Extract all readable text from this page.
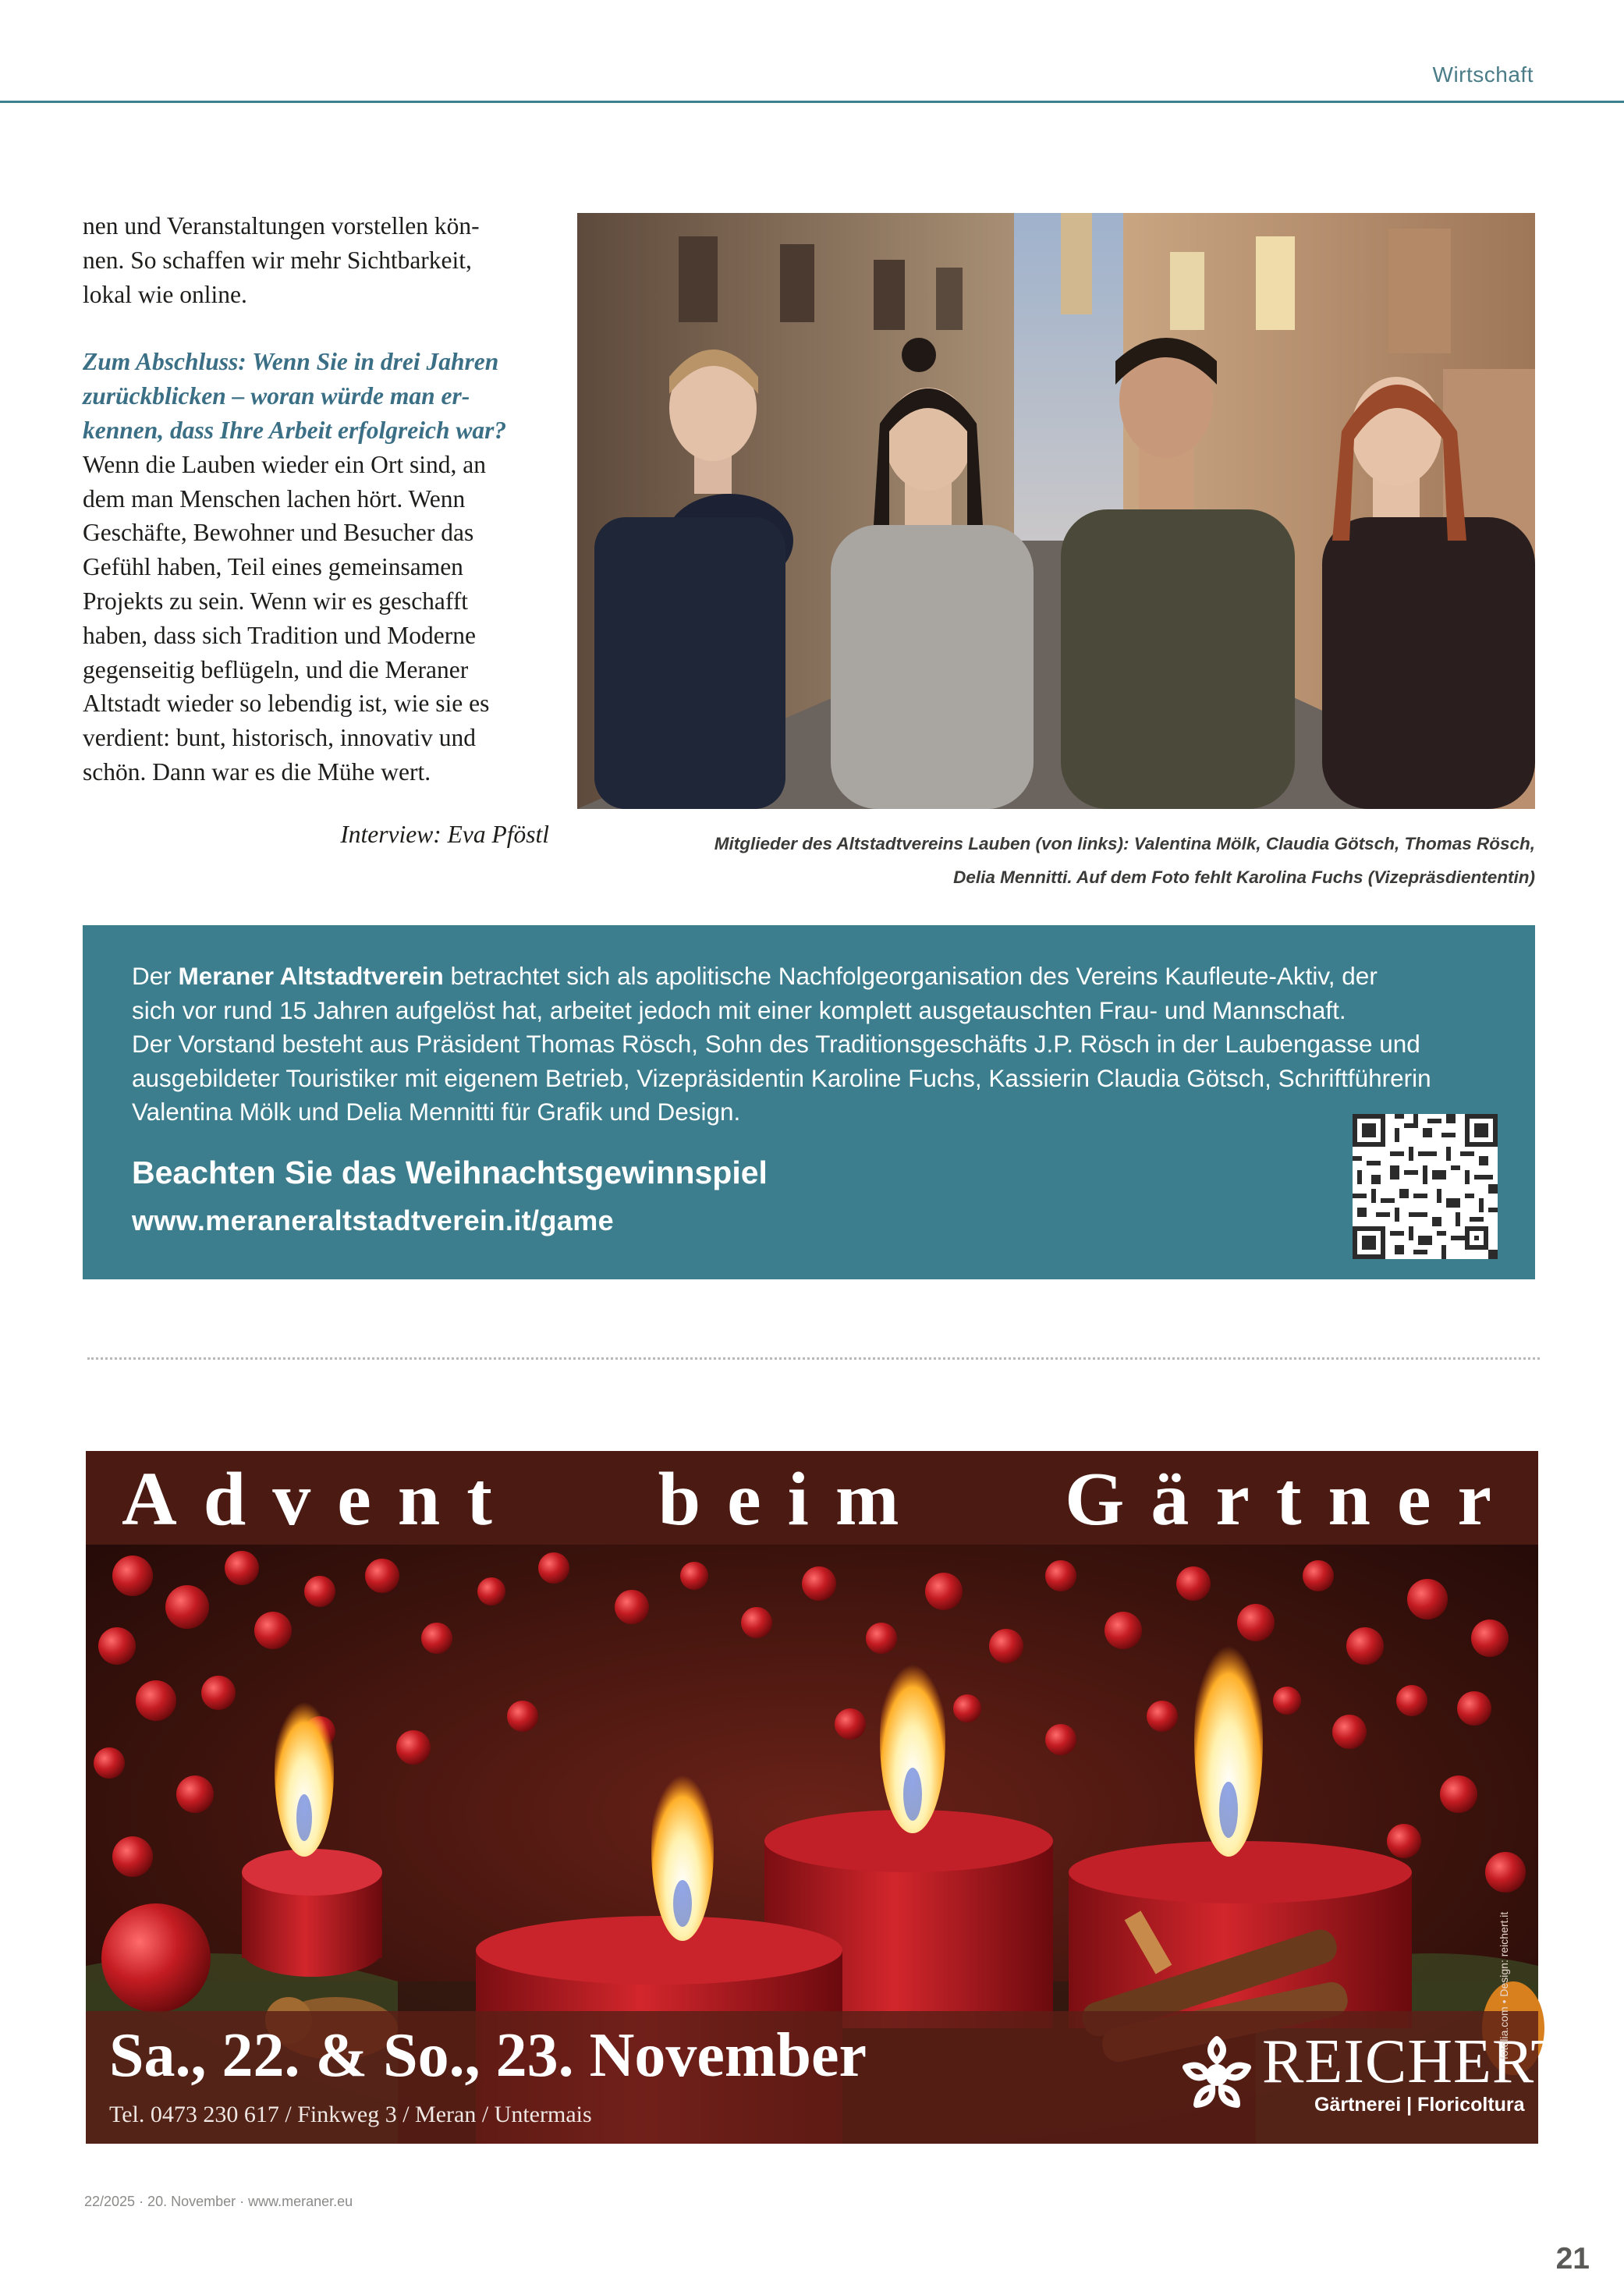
Wirtschaft

nen und Veranstaltungen vorstellen kön-
nen. So schaffen wir mehr Sichtbarkeit,
lokal wie online.

Zum Abschluss: Wenn Sie in drei Jahren
zurückblicken – woran würde man er-
kennen, dass Ihre Arbeit erfolgreich war?

Wenn die Lauben wieder ein Ort sind, an
dem man Menschen lachen hört. Wenn
Geschäfte, Bewohner und Besucher das
Gefühl haben, Teil eines gemeinsamen
Projekts zu sein. Wenn wir es geschafft
haben, dass sich Tradition und Moderne
gegenseitig beflügeln, und die Meraner
Altstadt wieder so lebendig ist, wie sie es
verdient: bunt, historisch, innovativ und
schön. Dann war es die Mühe wert.

Interview: Eva Pföstl	Mitglieder des Altstadtvereins Lauben (von links): Valentina Mölk, Claudia Götsch, Thomas Rösch,
Delia Mennitti. Auf dem Foto fehlt Karolina Fuchs (Vizepräsdiententin)

Der Meraner Altstadtverein betrachtet sich als apolitische Nachfolgeorganisation des Vereins Kaufleute-Aktiv, der
sich vor rund 15 Jahren aufgelöst hat, arbeitet jedoch mit einer komplett ausgetauschten Frau- und Mannschaft.

Der Vorstand besteht aus Präsident Thomas Rösch, Sohn des Traditionsgeschäfts J.P. Rösch in der Laubengasse und
ausgebildeter Touristiker mit eigenem Betrieb, Vizepräsidentin Karoline Fuchs, Kassierin Claudia Götsch, Schriftführerin
Valentina Mölk und Delia Mennitti für Grafik und Design.

Beachten Sie das Weihnachtsgewinnspiel
www.meraneraltstadtverein.it/game
Advent beim Gärtner
Sa., 22. & So., 23. November
Tel. 0473 230 617 / Finkweg 3 / Meran / Untermais
REICHERT
Gärtnerei | Floricoltura
fotolia.com • Design: reichert.it
22/2025 · 20. November · www.meraner.eu
21
